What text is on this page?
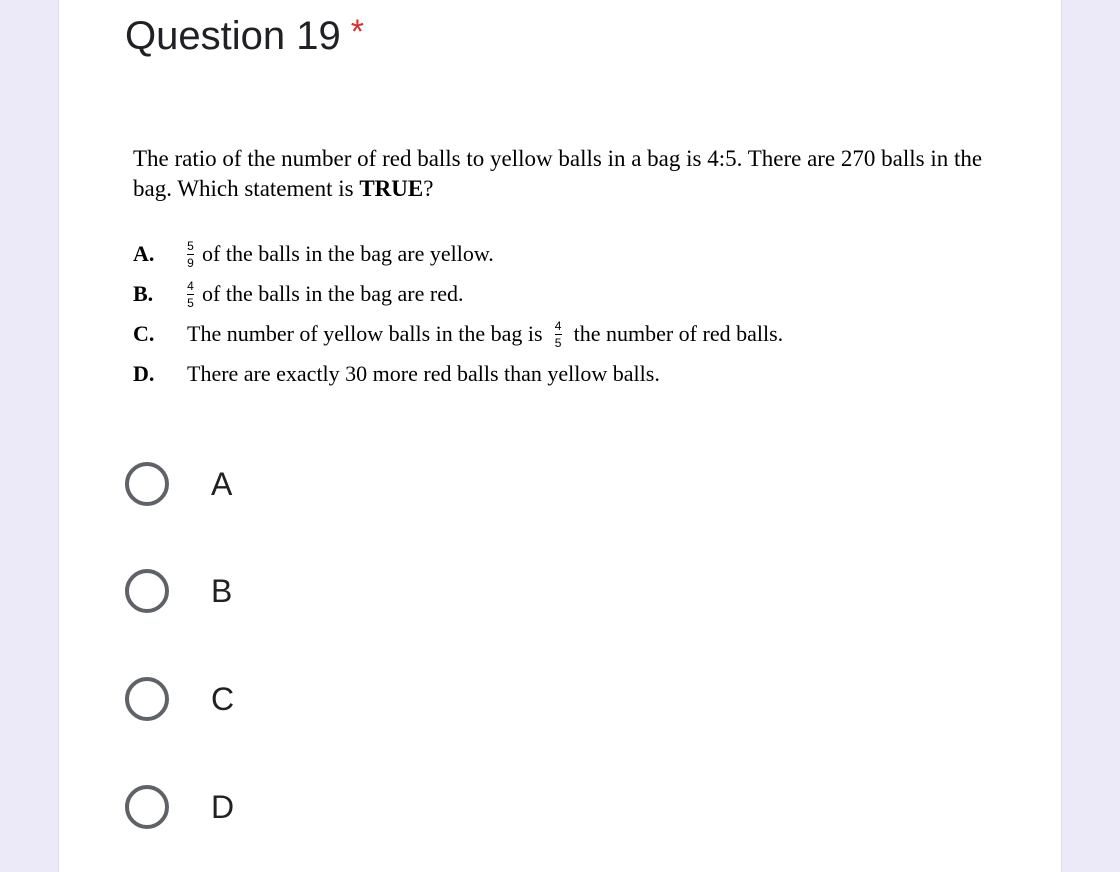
Question 19 *
The ratio of the number of red balls to yellow balls in a bag is 4:5. There are 270 balls in the bag. Which statement is TRUE?
A.	$\frac{5}{9}$ of the balls in the bag are yellow.
B.	$\frac{4}{5}$ of the balls in the bag are red.
C.	The number of yellow balls in the bag is $\frac{4}{5}$ the number of red balls.
D.	There are exactly 30 more red balls than yellow balls.
A
B
C
D
